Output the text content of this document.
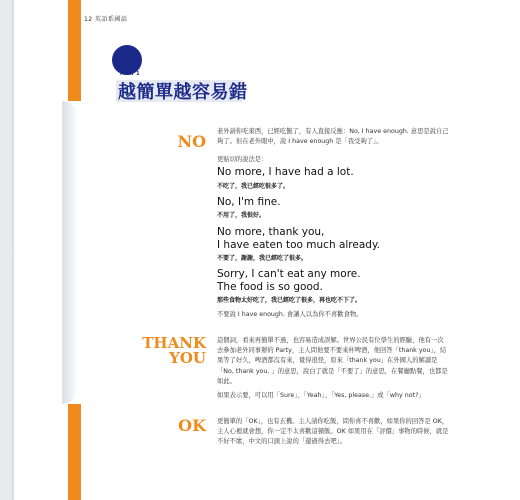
12 英語系國話
PART 1
越簡單越容易錯
NO

老外請你吃東西，已經吃飽了，有人直接反應：No, I have enough. 意思是說自己夠了。但在老外眼中，說 I have enough 是「我受夠了」。

更貼切的說法是：

No more, I have had a lot.
不吃了，我已經吃很多了。
No, I'm fine.
不用了，我很好。
No more, thank you,
I have eaten too much already.
不要了，謝謝，我已經吃了很多。
Sorry, I can't eat any more.
The food is so good.
那些食物太好吃了，我已經吃了很多，再也吃不下了。

不要說 I have enough. 會讓人以為你不喜歡食物。

THANK
YOU

這個詞，看來再簡單不過，也容易造成誤解。世界公民有位學生的經驗，他有一次去參加老外同事辦的 Party，主人問他要不要來杯啤酒，他回答「thank you」，結果等了好久，啤酒都沒有來，覺得很怪，原來「thank you」在外國人的解讀是「No, thank you. 」的意思，說白了就是「不要了」的意思，在餐廳點餐，也都是如此。

如果表示要，可以用「Sure」、「Yeah」、「Yes, please.」或「why not?」

OK 更簡單的「OK」，也有玄機。主人請你吃飯，問你喜不喜歡，如果你的回答是 OK，主人心裡就會想，你一定不太喜歡這頓飯。OK 如果用在「評價」事物的時候，就是不好不壞，中文的口頭上說的「還過得去吧」。
